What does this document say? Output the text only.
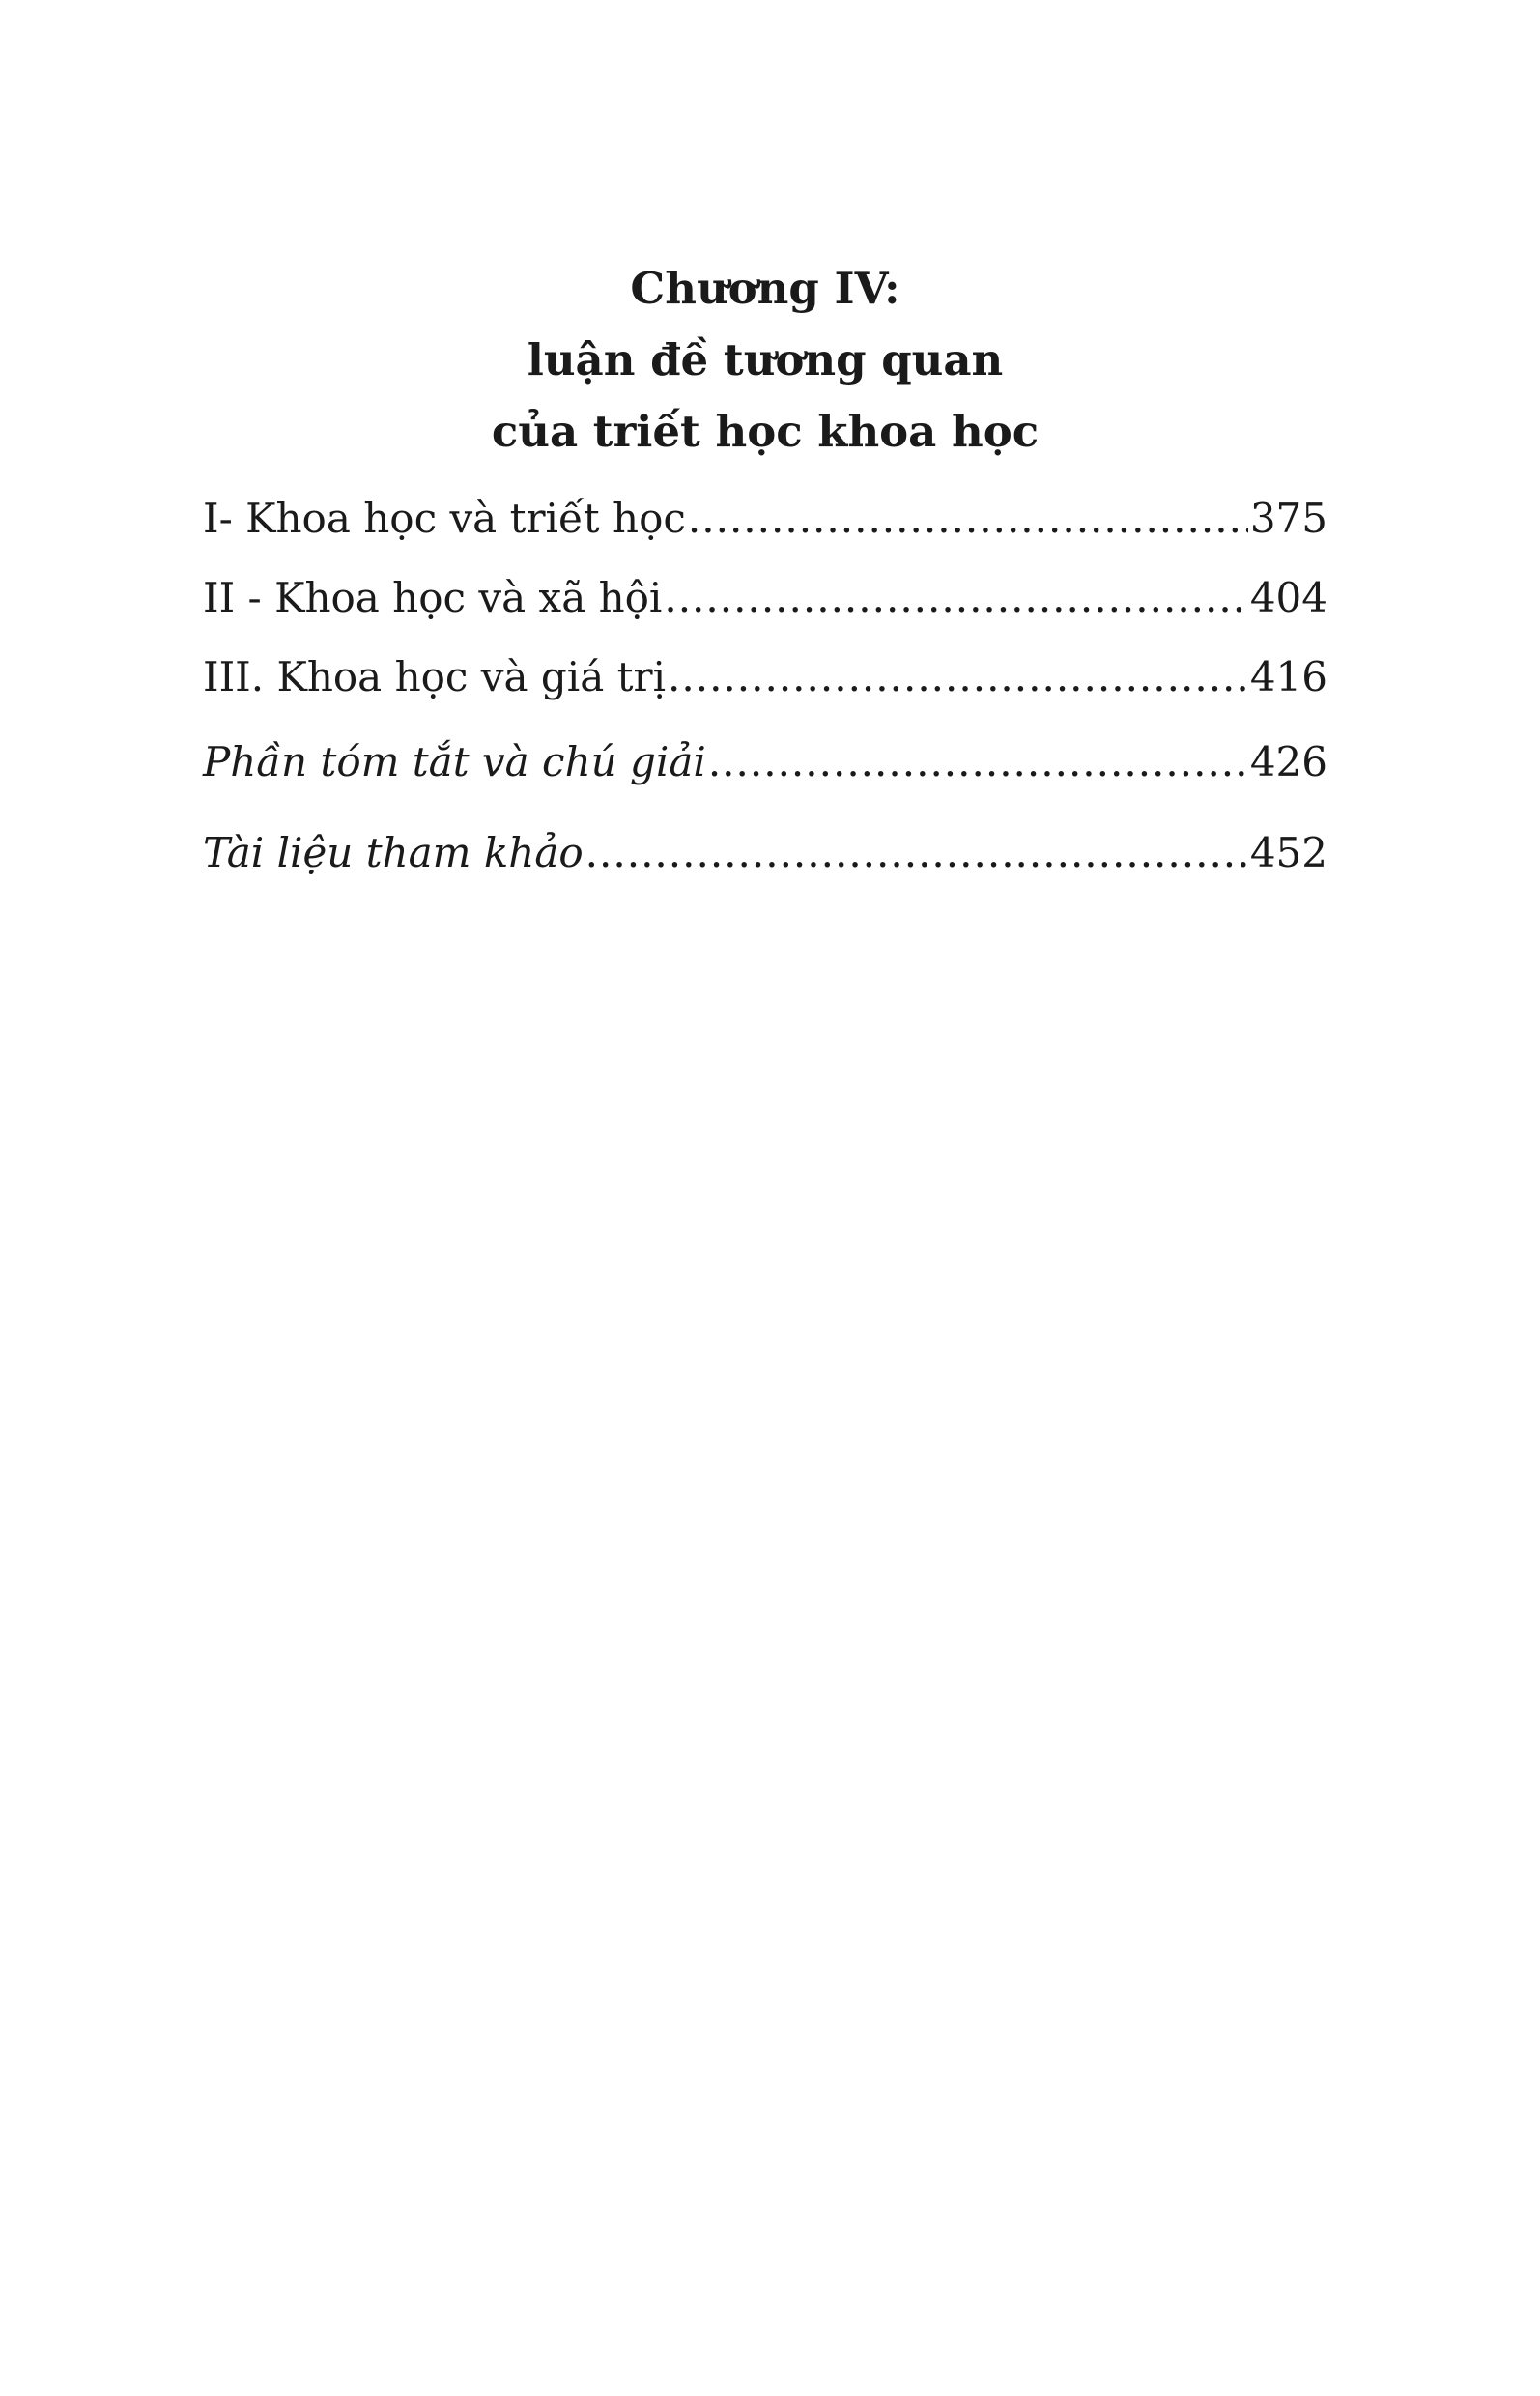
Chương IV:
luận đề tương quan
của triết học khoa học
I- Khoa học và triết học .....	375
II - Khoa học và xã hội .....	404
III. Khoa học và giá trị .....	416
Phần tóm tắt và chú giải .....	426
Tài liệu tham khảo .....	452
